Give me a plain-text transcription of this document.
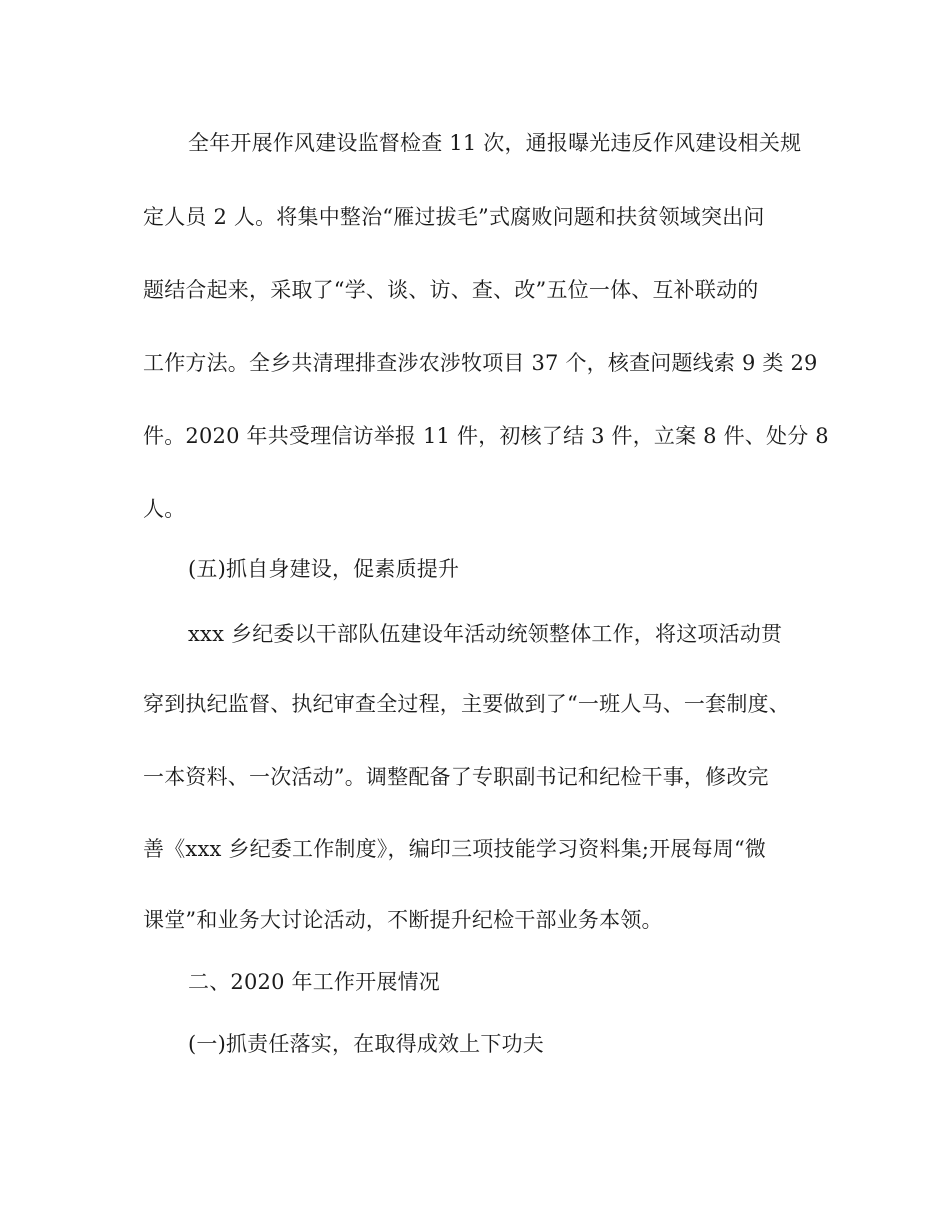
全年开展作风建设监督检查 11 次，通报曝光违反作风建设相关规

定人员 2 人。将集中整治“雁过拔毛”式腐败问题和扶贫领域突出问

题结合起来，采取了“学、谈、访、查、改”五位一体、互补联动的

工作方法。全乡共清理排查涉农涉牧项目 37 个，核查问题线索 9 类 29

件。2020 年共受理信访举报 11 件，初核了结 3 件，立案 8 件、处分 8

人。

(五)抓自身建设，促素质提升

xxx 乡纪委以干部队伍建设年活动统领整体工作，将这项活动贯

穿到执纪监督、执纪审查全过程，主要做到了“一班人马、一套制度、

一本资料、一次活动”。调整配备了专职副书记和纪检干事，修改完

善《xxx 乡纪委工作制度》，编印三项技能学习资料集;开展每周“微

课堂”和业务大讨论活动，不断提升纪检干部业务本领。

二、2020 年工作开展情况

(一)抓责任落实，在取得成效上下功夫
